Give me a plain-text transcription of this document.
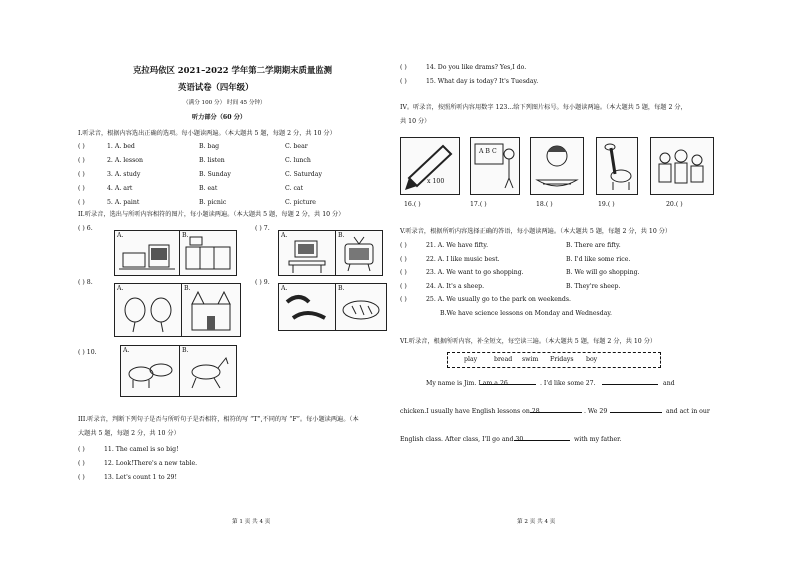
克拉玛依区 2021–2022 学年第二学期期末质量监测
英语试卷（四年级）
（满分 100 分） 时间 45 分钟）
听力部分（60 分）
I.听录音，根据内容选出正确的选项。每小题读两遍。（本大题共 5 题，每题 2 分，共 10 分）
( )	1. A. bed	B. bag	C. bear
( )	2. A. lesson	B. listen	C. lunch
( )	3. A. study	B. Sunday	C. Saturday
( )	4. A. art	B. eat	C. cat
( )	5. A. paint	B. picnic	C. picture
II.听录音，选出与所听内容相符的图片，每小题读两遍。（本大题共 5 题，每题 2 分，共 10 分）
( ) 6.
A.	B.
( ) 7.
A.	B.
( ) 8.
A.	B.
( ) 9.
A.	B.
( ) 10.	A.	B.
III.听录音，判断下列句子是否与所听句子是否相符，相符的写 “T”,不同的写 “F”。每小题读两遍。（本
大题共 5 题，每题 2 分，共 10 分）
( )	11. The camel is so big!
( )	12. Look!There's a new table.
( )	13. Let's count 1 to 29!
第 1 页 共 4 页
( )	14. Do you like drams? Yes,I do.
( )	15. What day is today? It's Tuesday.
IV。听录音，按照所听内容用数字 123...给下列图片标号。每小题读两遍。（本大题共 5 题，每题 2 分，
共 10 分）
x 100
A B C
16.( )	17.( )	18.( )	19.( )	20.( )
V.听录音，根据所听内容选择正确的答语，每小题读两遍。（本大题共 5 题，每题 2 分，共 10 分）
( )	21. A. We have fifty.	B. There are fifty.
( )	22. A. I like music best.	B. I'd like some rice.
( )	23. A. We want to go shopping.	B. We will go shopping.
( )	24. A. It's a sheep.	B. They're sheep.
( )	25. A. We usually go to the park on weekends.
B.We have science lessons on Monday and Wednesday.
VI.听录音，根据所听内容，补全短文，每空读三遍。（本大题共 5 题，每题 2 分，共 10 分）
play	bread swim Fridays boy
My name is Jim. I am a 26.	. I'd like some 27.	and
chicken.I usually have English lessons on 28.	. We 29	and act in our
English class. After class, I'll go and 30.	with my father.
第 2 页 共 4 页
